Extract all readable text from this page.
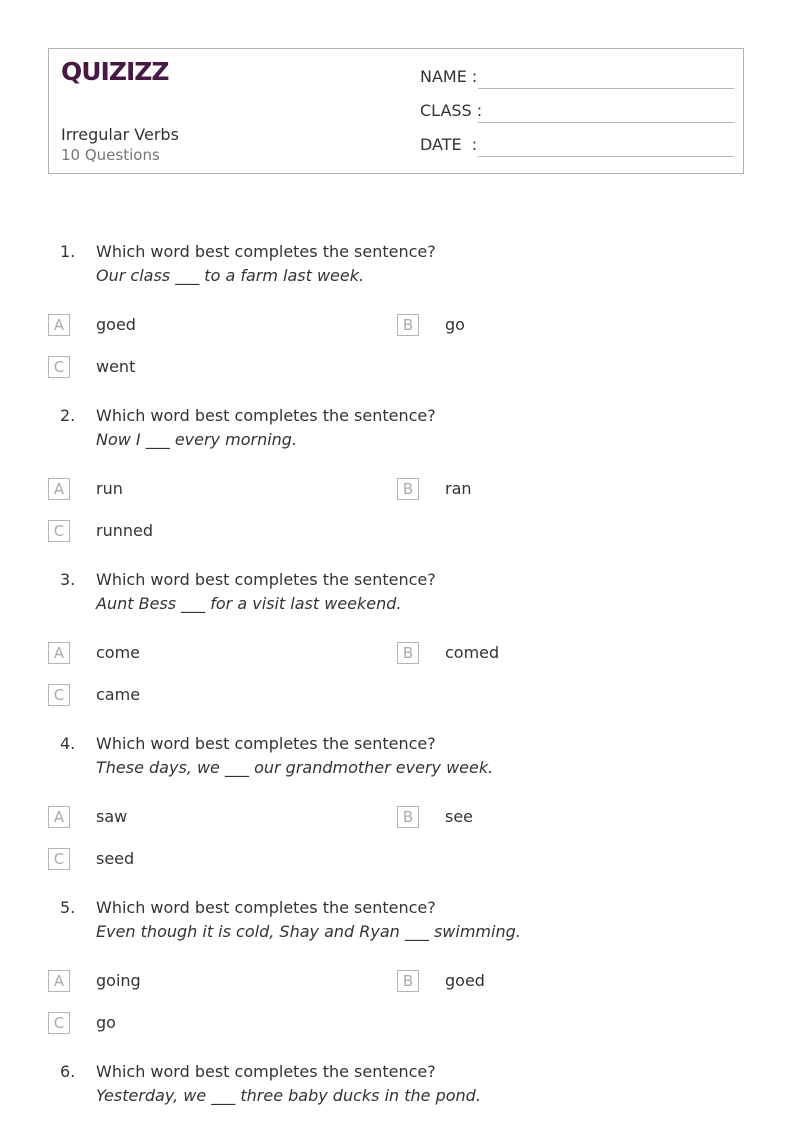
QUIZIZZ
Irregular Verbs
10 Questions
NAME :
CLASS :
DATE  :
1. Which word best completes the sentence?
Our class ___ to a farm last week.
A	goed	B	go
C	went
2. Which word best completes the sentence?
Now I ___ every morning.
A	run	B	ran
C	runned
3. Which word best completes the sentence?
Aunt Bess ___ for a visit last weekend.
A	come	B	comed
C	came
4. Which word best completes the sentence?
These days, we ___ our grandmother every week.
A	saw	B	see
C	seed
5. Which word best completes the sentence?
Even though it is cold, Shay and Ryan ___ swimming.
A	going	B	goed
C	go
6. Which word best completes the sentence?
Yesterday, we ___ three baby ducks in the pond.
